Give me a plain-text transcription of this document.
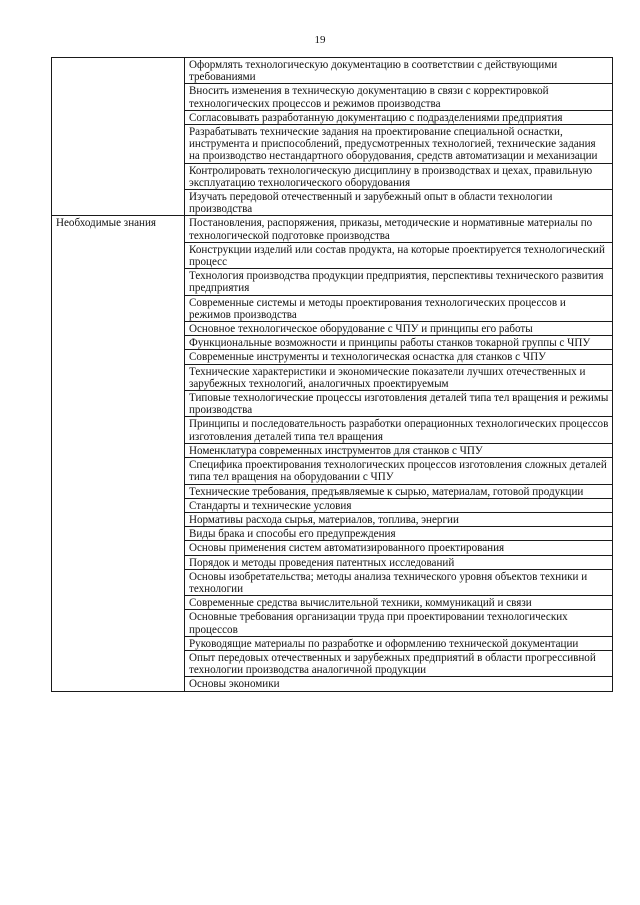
19
	Оформлять технологическую документацию в соответствии с действующими требованиями
	Вносить изменения в техническую документацию в связи с корректировкой технологических процессов и режимов производства
	Согласовывать разработанную документацию с подразделениями предприятия
	Разрабатывать технические задания на проектирование специальной оснастки, инструмента и приспособлений, предусмотренных технологией, технические задания на производство нестандартного оборудования, средств автоматизации и механизации
	Контролировать технологическую дисциплину в производствах и цехах, правильную эксплуатацию технологического оборудования
	Изучать передовой отечественный и зарубежный опыт в области технологии производства
Необходимые знания	Постановления, распоряжения, приказы, методические и нормативные материалы по технологической подготовке производства
	Конструкции изделий или состав продукта, на которые проектируется технологический процесс
	Технология производства продукции предприятия, перспективы технического развития предприятия
	Современные системы и методы проектирования технологических процессов и режимов производства
	Основное технологическое оборудование с ЧПУ и принципы его работы
	Функциональные возможности и принципы работы станков токарной группы с ЧПУ
	Современные инструменты и технологическая оснастка для станков с ЧПУ
	Технические характеристики и экономические показатели лучших отечественных и зарубежных технологий, аналогичных проектируемым
	Типовые технологические процессы изготовления деталей типа тел вращения и режимы производства
	Принципы и последовательность разработки операционных технологических процессов изготовления деталей типа тел вращения
	Номенклатура современных инструментов для станков с ЧПУ
	Специфика проектирования технологических процессов изготовления сложных деталей типа тел вращения на оборудовании с ЧПУ
	Технические требования, предъявляемые к сырью, материалам, готовой продукции
	Стандарты и технические условия
	Нормативы расхода сырья, материалов, топлива, энергии
	Виды брака и способы его предупреждения
	Основы применения систем автоматизированного проектирования
	Порядок и методы проведения патентных исследований
	Основы изобретательства; методы анализа технического уровня объектов техники и технологии
	Современные средства вычислительной техники, коммуникаций и связи
	Основные требования организации труда при проектировании технологических процессов
	Руководящие материалы по разработке и оформлению технической документации
	Опыт передовых отечественных и зарубежных предприятий в области прогрессивной технологии производства аналогичной продукции
	Основы экономики
